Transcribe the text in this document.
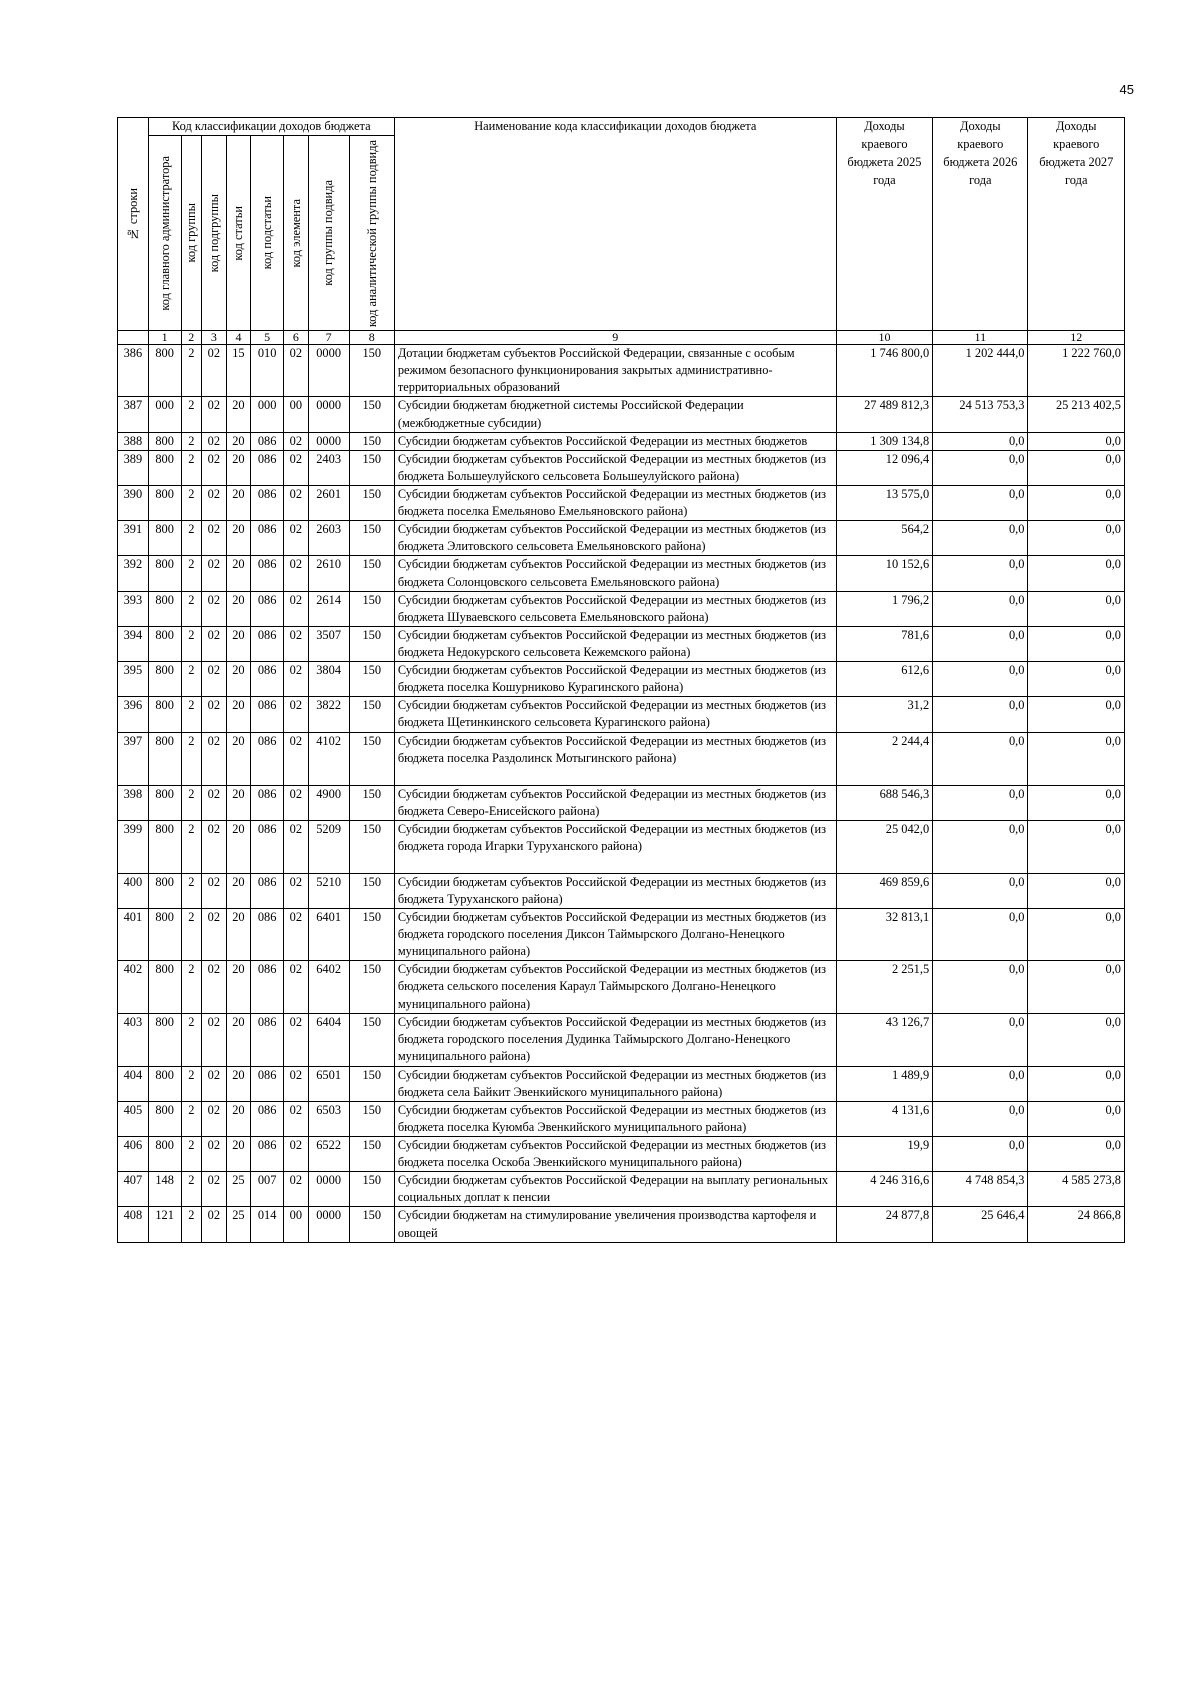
45
№ строки	Код классификации доходов бюджета								Наименование кода классификации доходов бюджета	Доходы краевого бюджета 2025 года	Доходы краевого бюджета 2026 года	Доходы краевого бюджета 2027 года

	код главного администратора	код группы	код подгруппы	код статьи	код подстатьи	код элемента	код группы подвида	код аналитической группы подвида				

	1	2	3	4	5	6	7	8	9	10	11	12
386	800	2	02	15	010	02	0000	150	Дотации бюджетам субъектов Российской Федерации, связанные с особым режимом безопасного функционирования закрытых административно-территориальных образований	1 746 800,0	1 202 444,0	1 222 760,0
387	000	2	02	20	000	00	0000	150	Субсидии бюджетам бюджетной системы Российской Федерации (межбюджетные субсидии)	27 489 812,3	24 513 753,3	25 213 402,5
388	800	2	02	20	086	02	0000	150	Субсидии бюджетам субъектов Российской Федерации из местных бюджетов	1 309 134,8	0,0	0,0
389	800	2	02	20	086	02	2403	150	Субсидии бюджетам субъектов Российской Федерации из местных бюджетов (из бюджета Большеулуйского сельсовета Большеулуйского района)	12 096,4	0,0	0,0
390	800	2	02	20	086	02	2601	150	Субсидии бюджетам субъектов Российской Федерации из местных бюджетов (из бюджета поселка Емельяново Емельяновского района)	13 575,0	0,0	0,0
391	800	2	02	20	086	02	2603	150	Субсидии бюджетам субъектов Российской Федерации из местных бюджетов (из бюджета Элитовского сельсовета Емельяновского района)	564,2	0,0	0,0
392	800	2	02	20	086	02	2610	150	Субсидии бюджетам субъектов Российской Федерации из местных бюджетов (из бюджета Солонцовского сельсовета Емельяновского района)	10 152,6	0,0	0,0
393	800	2	02	20	086	02	2614	150	Субсидии бюджетам субъектов Российской Федерации из местных бюджетов (из бюджета Шуваевского сельсовета Емельяновского района)	1 796,2	0,0	0,0
394	800	2	02	20	086	02	3507	150	Субсидии бюджетам субъектов Российской Федерации из местных бюджетов (из бюджета Недокурского сельсовета Кежемского района)	781,6	0,0	0,0
395	800	2	02	20	086	02	3804	150	Субсидии бюджетам субъектов Российской Федерации из местных бюджетов (из бюджета поселка Кошурниково Курагинского района)	612,6	0,0	0,0
396	800	2	02	20	086	02	3822	150	Субсидии бюджетам субъектов Российской Федерации из местных бюджетов (из бюджета Щетинкинского сельсовета Курагинского района)	31,2	0,0	0,0
397	800	2	02	20	086	02	4102	150	Субсидии бюджетам субъектов Российской Федерации из местных бюджетов (из бюджета поселка Раздолинск Мотыгинского района)	2 244,4	0,0	0,0
398	800	2	02	20	086	02	4900	150	Субсидии бюджетам субъектов Российской Федерации из местных бюджетов (из бюджета Северо-Енисейского района)	688 546,3	0,0	0,0
399	800	2	02	20	086	02	5209	150	Субсидии бюджетам субъектов Российской Федерации из местных бюджетов (из бюджета города Игарки Туруханского района)	25 042,0	0,0	0,0
400	800	2	02	20	086	02	5210	150	Субсидии бюджетам субъектов Российской Федерации из местных бюджетов (из бюджета Туруханского района)	469 859,6	0,0	0,0
401	800	2	02	20	086	02	6401	150	Субсидии бюджетам субъектов Российской Федерации из местных бюджетов (из бюджета городского поселения Диксон Таймырского Долгано-Ненецкого муниципального района)	32 813,1	0,0	0,0
402	800	2	02	20	086	02	6402	150	Субсидии бюджетам субъектов Российской Федерации из местных бюджетов (из бюджета сельского поселения Караул Таймырского Долгано-Ненецкого муниципального района)	2 251,5	0,0	0,0
403	800	2	02	20	086	02	6404	150	Субсидии бюджетам субъектов Российской Федерации из местных бюджетов (из бюджета городского поселения Дудинка Таймырского Долгано-Ненецкого муниципального района)	43 126,7	0,0	0,0
404	800	2	02	20	086	02	6501	150	Субсидии бюджетам субъектов Российской Федерации из местных бюджетов (из бюджета села Байкит Эвенкийского муниципального района)	1 489,9	0,0	0,0
405	800	2	02	20	086	02	6503	150	Субсидии бюджетам субъектов Российской Федерации из местных бюджетов (из бюджета поселка Куюмба Эвенкийского муниципального района)	4 131,6	0,0	0,0
406	800	2	02	20	086	02	6522	150	Субсидии бюджетам субъектов Российской Федерации из местных бюджетов (из бюджета поселка Оскоба Эвенкийского муниципального района)	19,9	0,0	0,0
407	148	2	02	25	007	02	0000	150	Субсидии бюджетам субъектов Российской Федерации на выплату региональных социальных доплат к пенсии	4 246 316,6	4 748 854,3	4 585 273,8
408	121	2	02	25	014	00	0000	150	Субсидии бюджетам на стимулирование увеличения производства картофеля и овощей	24 877,8	25 646,4	24 866,8
